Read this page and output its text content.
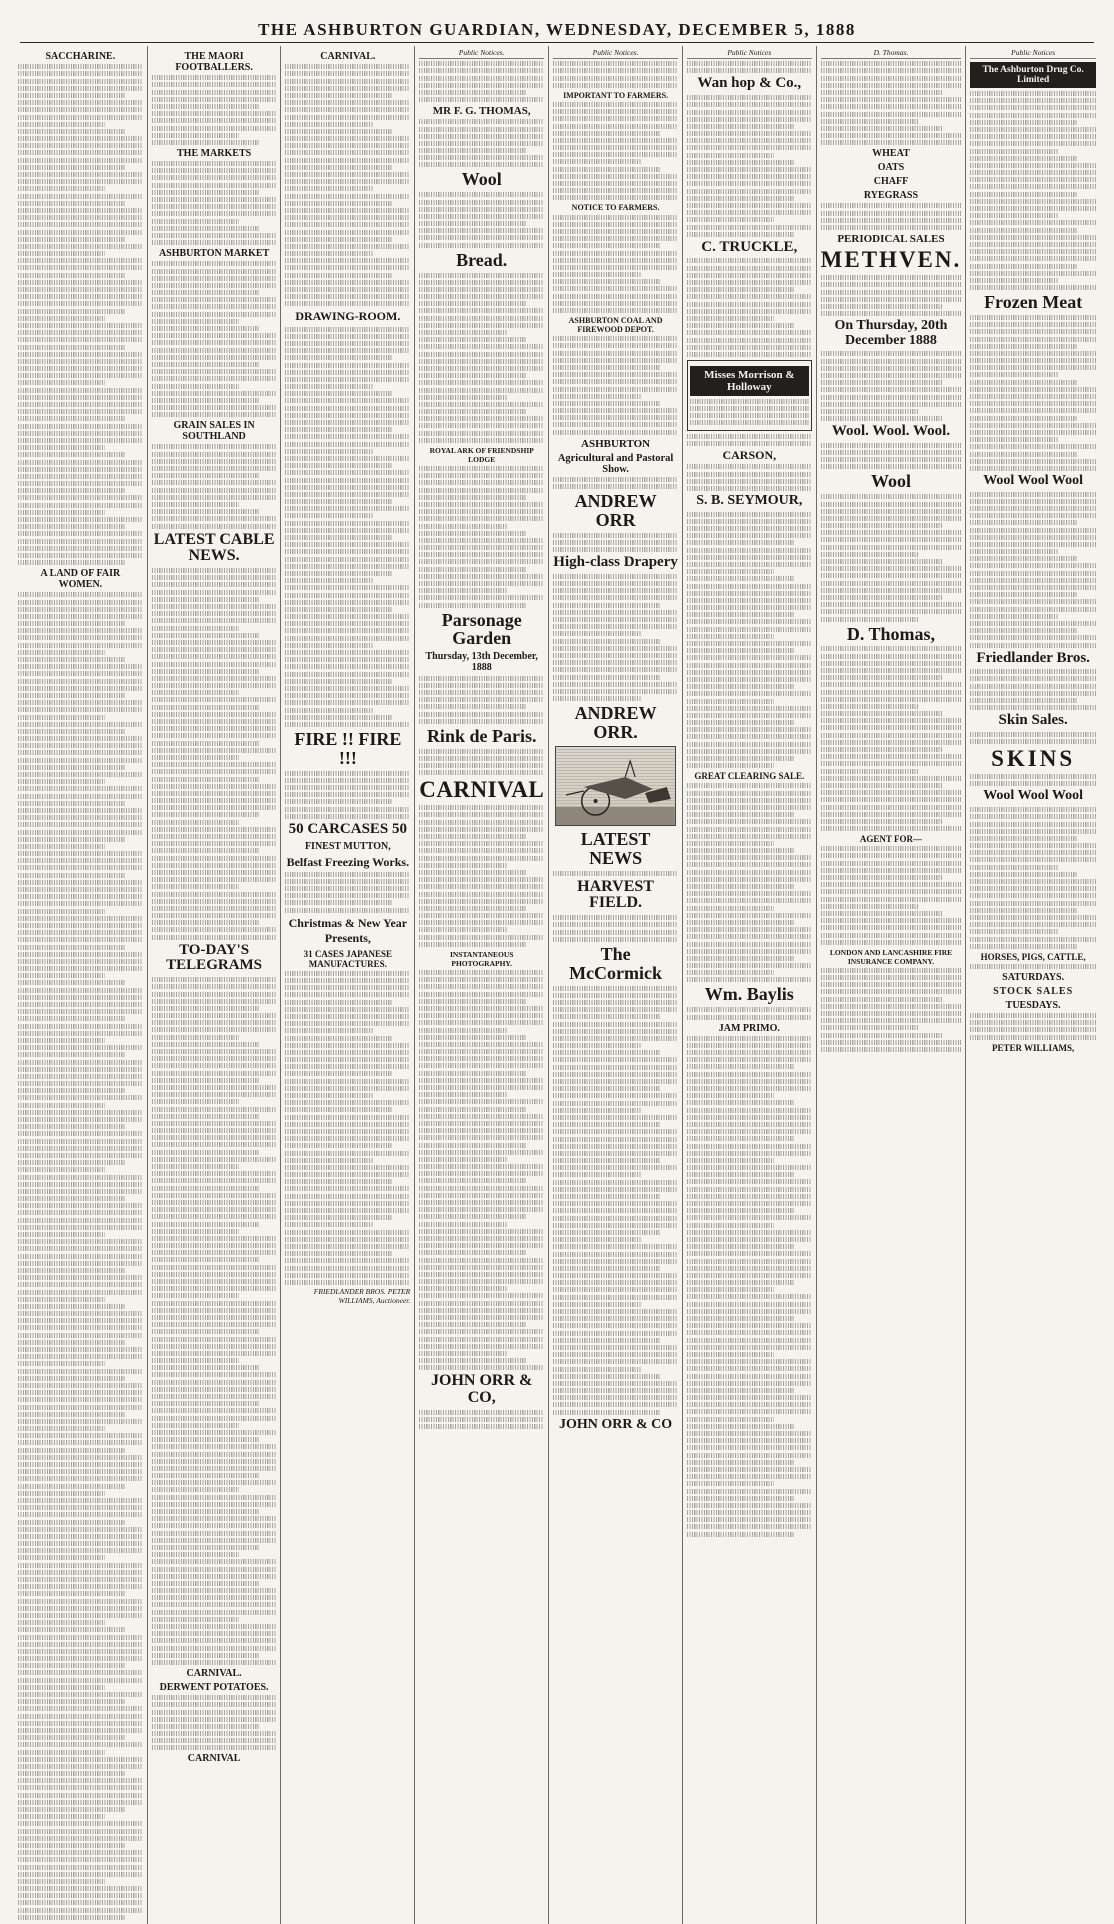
THE ASHBURTON GUARDIAN, WEDNESDAY, DECEMBER 5, 1888
SACCHARINE.
A LAND OF FAIR WOMEN.
THE MAORI FOOTBALLERS.
THE MARKETS
ASHBURTON MARKET
GRAIN SALES IN SOUTHLAND
LATEST CABLE NEWS.
TO-DAY'S TELEGRAMS
CARNIVAL.
DERWENT POTATOES.
CARNIVAL
CARNIVAL.
DRAWING-ROOM.
FIRE !! FIRE !!!
50 CARCASES 50
FINEST MUTTON,
Belfast Freezing Works.
Christmas & New Year Presents,
31 CASES JAPANESE MANUFACTURES.
FRIEDLANDER BROS. PETER WILLIAMS, Auctioneer.
Public Notices.
MR F. G. THOMAS,
Wool
Bread.
ROYAL ARK OF FRIENDSHIP LODGE
Parsonage Garden
Thursday, 13th December, 1888
Rink de Paris.
CARNIVAL
INSTANTANEOUS PHOTOGRAPHY.
JOHN ORR & CO,
Public Notices.
IMPORTANT TO FARMERS.
NOTICE TO FARMERS.
ASHBURTON COAL AND FIREWOOD DEPOT.
ASHBURTON
Agricultural and Pastoral Show.
ANDREW ORR
High-class Drapery
ANDREW ORR.
LATEST NEWS
HARVEST FIELD.
The McCormick
JOHN ORR & CO
Public Notices
Wan hop & Co.,
C. TRUCKLE,
Misses Morrison & Holloway
CARSON,
S. B. SEYMOUR,
GREAT CLEARING SALE.
Wm. Baylis
JAM PRIMO.
D. Thomas.
WHEAT
OATS
CHAFF
RYEGRASS
PERIODICAL SALES
METHVEN.
On Thursday, 20th December 1888
Wool. Wool. Wool.
Wool
D. Thomas,
AGENT FOR—
LONDON AND LANCASHIRE FIRE INSURANCE COMPANY.
Public Notices
The Ashburton Drug Co. Limited
Frozen Meat
Wool Wool Wool
Friedlander Bros.
Skin Sales.
SKINS
Wool Wool Wool
HORSES, PIGS, CATTLE,
SATURDAYS.
STOCK SALES
TUESDAYS.
PETER WILLIAMS,
